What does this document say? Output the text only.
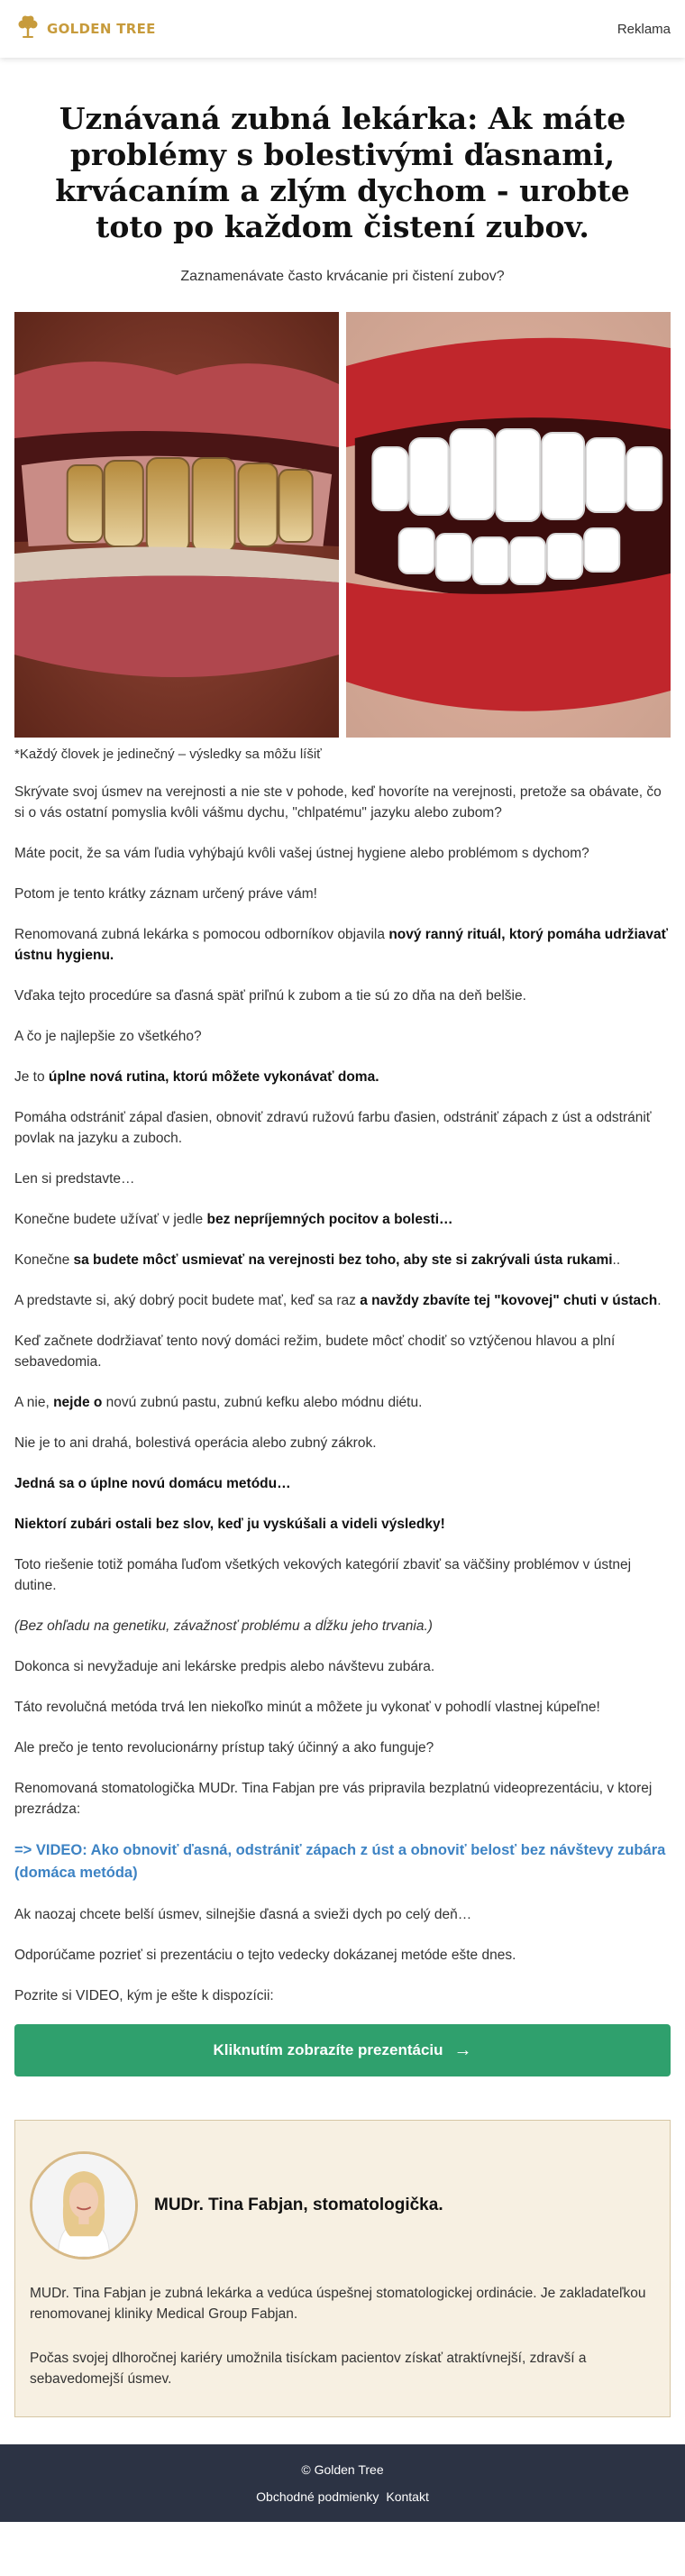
GOLDEN TREE	Reklama
Uznávaná zubná lekárka: Ak máte problémy s bolestivými ďasnami, krvácaním a zlým dychom - urobte toto po každom čistení zubov.
Zaznamenávate často krvácanie pri čistení zubov?
*Každý človek je jedinečný – výsledky sa môžu líšiť

Skrývate svoj úsmev na verejnosti a nie ste v pohode, keď hovoríte na verejnosti, pretože sa obávate, čo si o vás ostatní pomyslia kvôli vášmu dychu, "chlpatému" jazyku alebo zubom?

Máte pocit, že sa vám ľudia vyhýbajú kvôli vašej ústnej hygiene alebo problémom s dychom?

Potom je tento krátky záznam určený práve vám!

Renomovaná zubná lekárka s pomocou odborníkov objavila nový ranný rituál, ktorý pomáha udržiavať ústnu hygienu.

Vďaka tejto procedúre sa ďasná späť priľnú k zubom a tie sú zo dňa na deň belšie.

A čo je najlepšie zo všetkého?

Je to úplne nová rutina, ktorú môžete vykonávať doma.

Pomáha odstrániť zápal ďasien, obnoviť zdravú ružovú farbu ďasien, odstrániť zápach z úst a odstrániť povlak na jazyku a zuboch.

Len si predstavte…

Konečne budete užívať v jedle bez nepríjemných pocitov a bolesti…

Konečne sa budete môcť usmievať na verejnosti bez toho, aby ste si zakrývali ústa rukami..

A predstavte si, aký dobrý pocit budete mať, keď sa raz a navždy zbavíte tej "kovovej" chuti v ústach.

Keď začnete dodržiavať tento nový domáci režim, budete môcť chodiť so vztýčenou hlavou a plní sebavedomia.

A nie, nejde o novú zubnú pastu, zubnú kefku alebo módnu diétu.

Nie je to ani drahá, bolestivá operácia alebo zubný zákrok.

Jedná sa o úplne novú domácu metódu…

Niektorí zubári ostali bez slov, keď ju vyskúšali a videli výsledky!

Toto riešenie totiž pomáha ľuďom všetkých vekových kategórií zbaviť sa väčšiny problémov v ústnej dutine.

(Bez ohľadu na genetiku, závažnosť problému a dĺžku jeho trvania.)

Dokonca si nevyžaduje ani lekárske predpis alebo návštevu zubára.

Táto revolučná metóda trvá len niekoľko minút a môžete ju vykonať v pohodlí vlastnej kúpeľne!

Ale prečo je tento revolucionárny prístup taký účinný a ako funguje?

Renomovaná stomatologička MUDr. Tina Fabjan pre vás pripravila bezplatnú videoprezentáciu, v ktorej prezrádza:

=> VIDEO: Ako obnoviť ďasná, odstrániť zápach z úst a obnoviť belosť bez návštevy zubára (domáca metóda)

Ak naozaj chcete belší úsmev, silnejšie ďasná a svieži dych po celý deň…

Odporúčame pozrieť si prezentáciu o tejto vedecky dokázanej metóde ešte dnes.

Pozrite si VIDEO, kým je ešte k dispozícii:

Kliknutím zobrazíte prezentáciu →
MUDr. Tina Fabjan, stomatologička.

MUDr. Tina Fabjan je zubná lekárka a vedúca úspešnej stomatologickej ordinácie. Je zakladateľkou renomovanej kliniky Medical Group Fabjan.

Počas svojej dlhoročnej kariéry umožnila tisíckam pacientov získať atraktívnejší, zdravší a sebavedomejší úsmev.

© Golden Tree
Obchodné podmienky Kontakt
